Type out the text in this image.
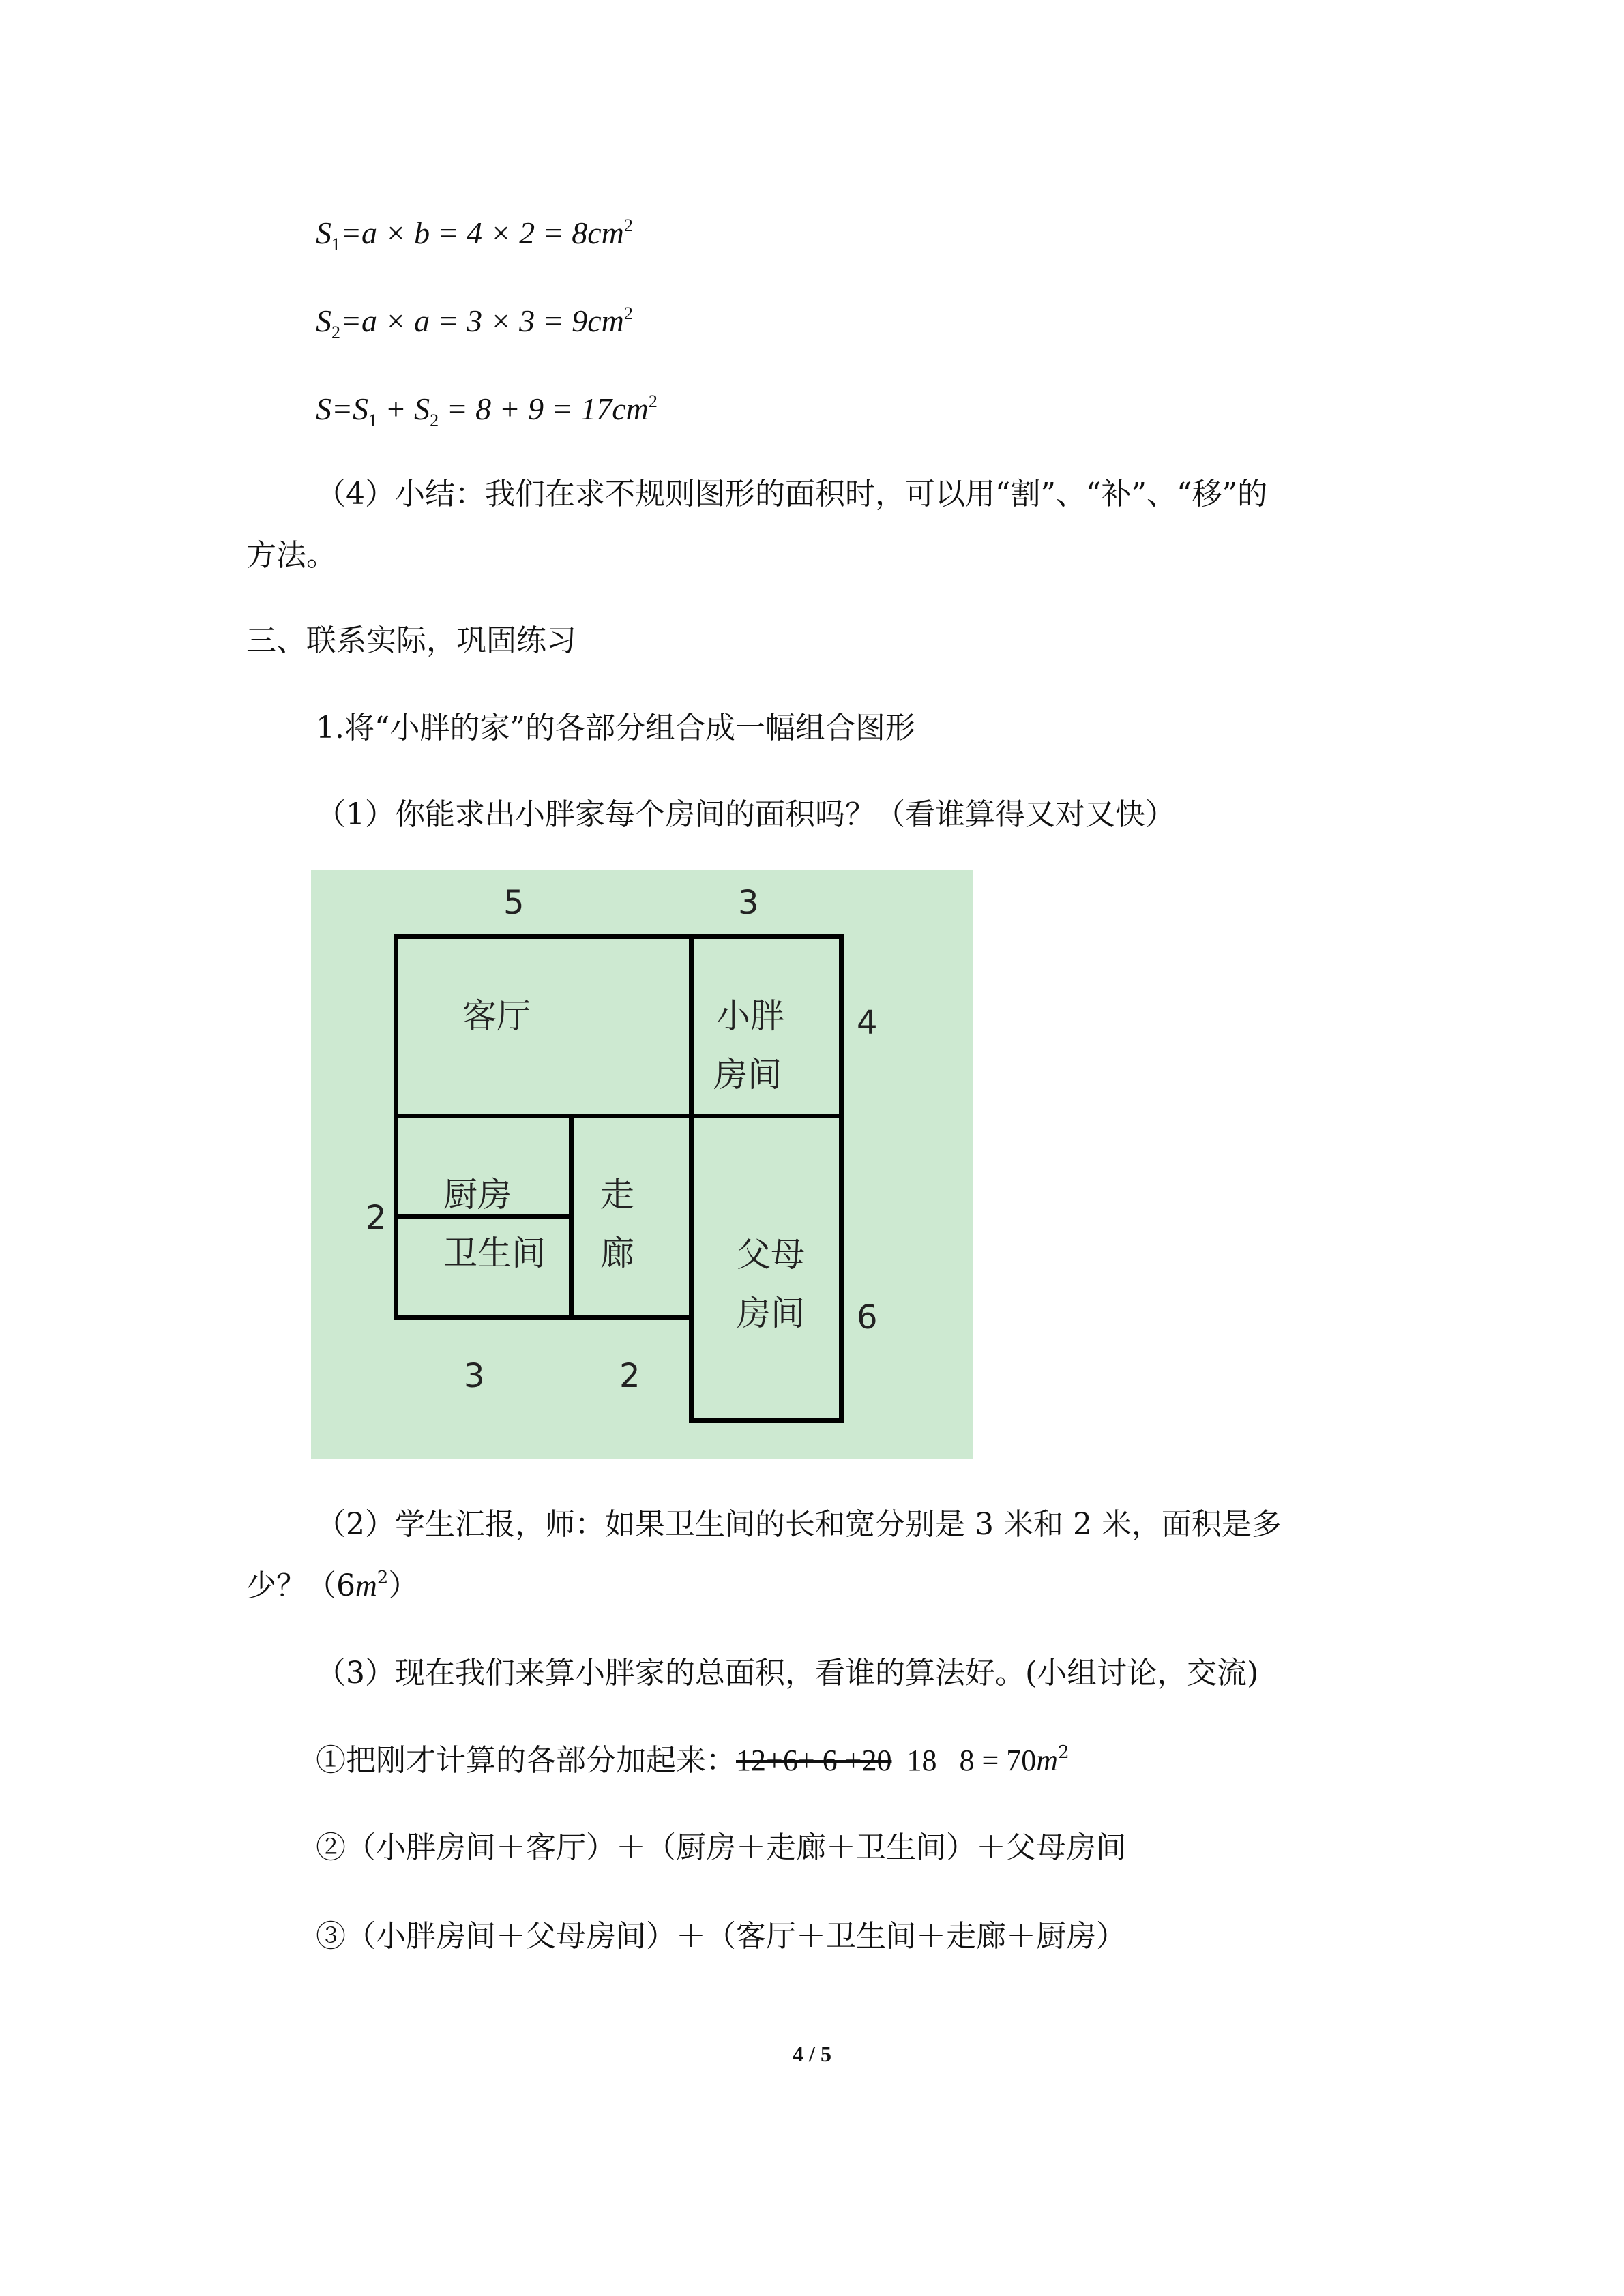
$S_1=a \times b = 4 \times 2 = 8cm^2$
$S_2=a \times a = 3 \times 3 = 9cm^2$
$S=S_1 + S_2 = 8 + 9 = 17cm^2$
（4）小结：我们在求不规则图形的面积时，可以用“割”、“补”、“移”的
方法。
三、联系实际，巩固练习
1.将“小胖的家”的各部分组合成一幅组合图形
（1）你能求出小胖家每个房间的面积吗？（看谁算得又对又快）
5	3
4
6
2
3	2
客厅	小胖
房间
厨房
卫生间
走
廊	父母
房间
（2）学生汇报，师：如果卫生间的长和宽分别是 3 米和 2 米，面积是多
少？$(6m^2)$
（3）现在我们来算小胖家的总面积，看谁的算法好。(小组讨论，交流)
①把刚才计算的各部分加起来：12+6+ 6 +20  18   $8 = 70m^2$
②（小胖房间＋客厅）＋（厨房＋走廊＋卫生间）＋父母房间
③（小胖房间＋父母房间）＋（客厅＋卫生间＋走廊＋厨房）
4 / 5
